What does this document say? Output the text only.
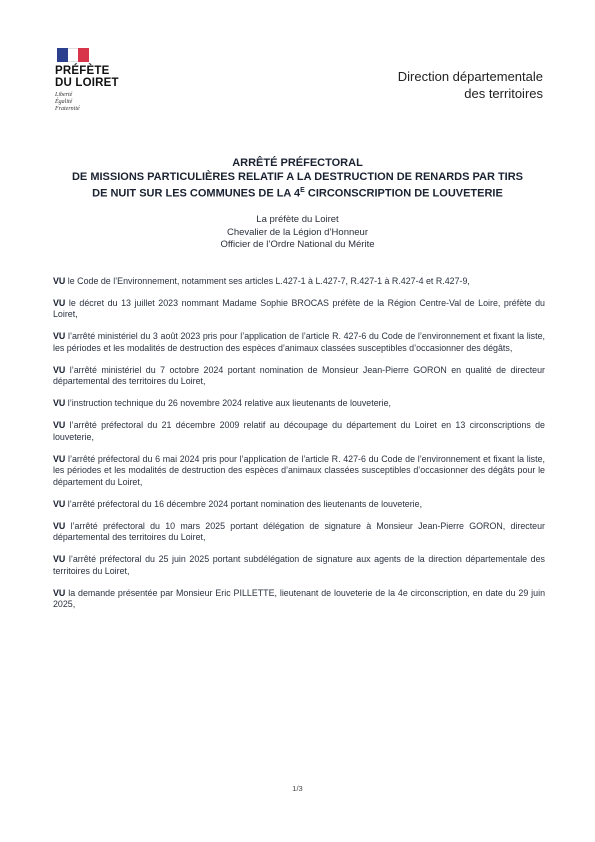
PRÉFÈTE
DU LOIRET
Liberté
Égalité
Fraternité
Direction départementale
des territoires
ARRÊTÉ PRÉFECTORAL
DE MISSIONS PARTICULIÈRES RELATIF A LA DESTRUCTION DE RENARDS PAR TIRS
DE NUIT SUR LES COMMUNES DE LA $4^E$ CIRCONSCRIPTION DE LOUVETERIE
La préfète du Loiret
Chevalier de la Légion d’Honneur
Officier de l’Ordre National du Mérite

VU le Code de l’Environnement, notamment ses articles L.427-1 à L.427-7, R.427-1 à R.427-4 et R.427-9,

VU le décret du 13 juillet 2023 nommant Madame Sophie BROCAS préfète de la Région Centre-Val de Loire, préfète du Loiret,

VU l’arrêté ministériel du 3 août 2023 pris pour l’application de l’article R. 427-6 du Code de l’environnement et fixant la liste, les périodes et les modalités de destruction des espèces d’animaux classées susceptibles d’occasionner des dégâts,

VU l’arrêté ministériel du 7 octobre 2024 portant nomination de Monsieur Jean-Pierre GORON en qualité de directeur départemental des territoires du Loiret,

VU l’instruction technique du 26 novembre 2024 relative aux lieutenants de louveterie,

VU l’arrêté préfectoral du 21 décembre 2009 relatif au découpage du département du Loiret en 13 circonscriptions de louveterie,

VU l’arrêté préfectoral du 6 mai 2024 pris pour l’application de l’article R. 427-6 du Code de l’environnement et fixant la liste, les périodes et les modalités de destruction des espèces d’animaux classées susceptibles d’occasionner des dégâts pour le département du Loiret,

VU l’arrêté préfectoral du 16 décembre 2024 portant nomination des lieutenants de louveterie,

VU l’arrêté préfectoral du 10 mars 2025 portant délégation de signature à Monsieur Jean-Pierre GORON, directeur départemental des territoires du Loiret,

VU l’arrêté préfectoral du 25 juin 2025 portant subdélégation de signature aux agents de la direction départementale des territoires du Loiret,

VU la demande présentée par Monsieur Eric PILLETTE, lieutenant de louveterie de la 4e circonscription, en date du 29 juin 2025,

1/3
